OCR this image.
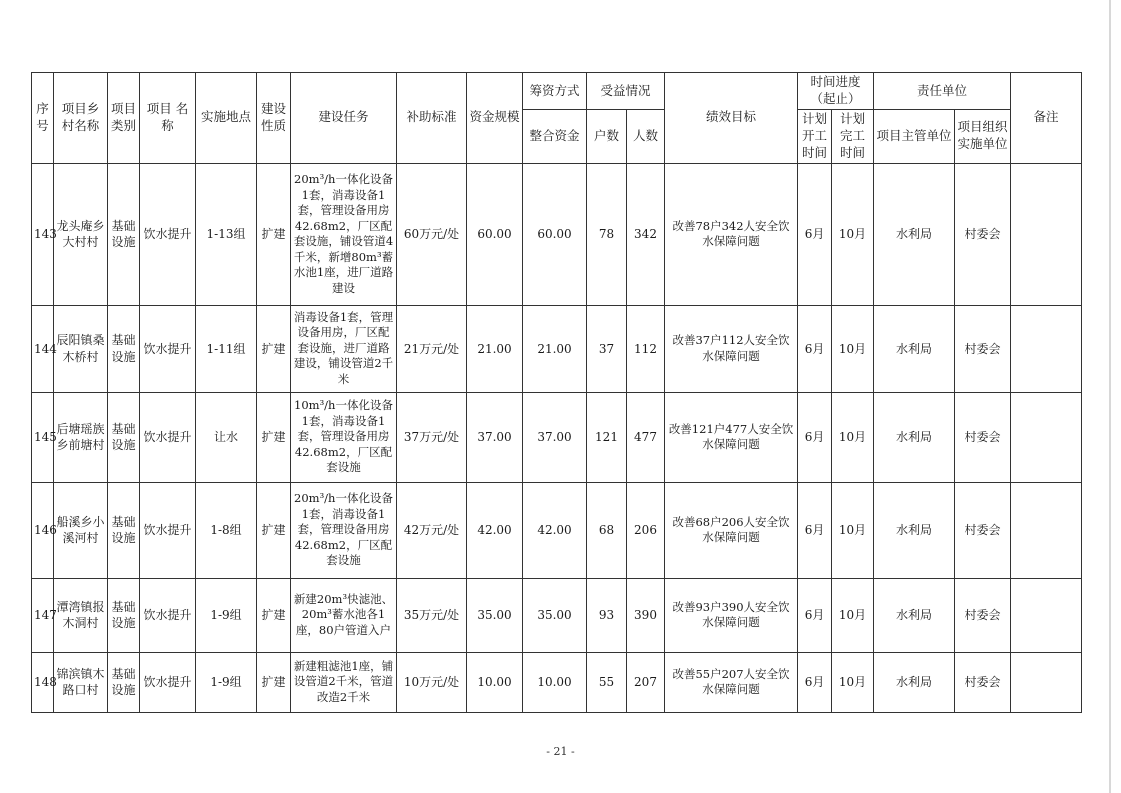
序号	项目乡村名称	项目类别	项目 名称	实施地点	建设性质	建设任务	补助标准	资金规模	筹资方式	受益情况		绩效目标	时间进度（起止）		责任单位		备注
									整合资金	户数	人数		计划开工时间	计划完工时间	项目主管单位	项目组织实施单位	
143	龙头庵乡大村村	基础设施	饮水提升	1-13组	扩建	20m³/h一体化设备1套，消毒设备1套，管理设备用房42.68m2，厂区配套设施，铺设管道4千米，新增80m³蓄水池1座，进厂道路建设	60万元/处	60.00	60.00	78	342	改善78户342人安全饮水保障问题	6月	10月	水利局	村委会	
144	辰阳镇桑木桥村	基础设施	饮水提升	1-11组	扩建	消毒设备1套，管理设备用房，厂区配套设施，进厂道路建设，铺设管道2千米	21万元/处	21.00	21.00	37	112	改善37户112人安全饮水保障问题	6月	10月	水利局	村委会	
145	后塘瑶族乡前塘村	基础设施	饮水提升	让水	扩建	10m³/h一体化设备1套，消毒设备1套，管理设备用房42.68m2，厂区配套设施	37万元/处	37.00	37.00	121	477	改善121户477人安全饮水保障问题	6月	10月	水利局	村委会	
146	船溪乡小溪河村	基础设施	饮水提升	1-8组	扩建	20m³/h一体化设备1套，消毒设备1套，管理设备用房42.68m2，厂区配套设施	42万元/处	42.00	42.00	68	206	改善68户206人安全饮水保障问题	6月	10月	水利局	村委会	
147	潭湾镇报木洞村	基础设施	饮水提升	1-9组	扩建	新建20m³快滤池、20m³蓄水池各1座，80户管道入户	35万元/处	35.00	35.00	93	390	改善93户390人安全饮水保障问题	6月	10月	水利局	村委会	
148	锦滨镇木路口村	基础设施	饮水提升	1-9组	扩建	新建粗滤池1座，铺设管道2千米，管道改造2千米	10万元/处	10.00	10.00	55	207	改善55户207人安全饮水保障问题	6月	10月	水利局	村委会	
- 21 -
